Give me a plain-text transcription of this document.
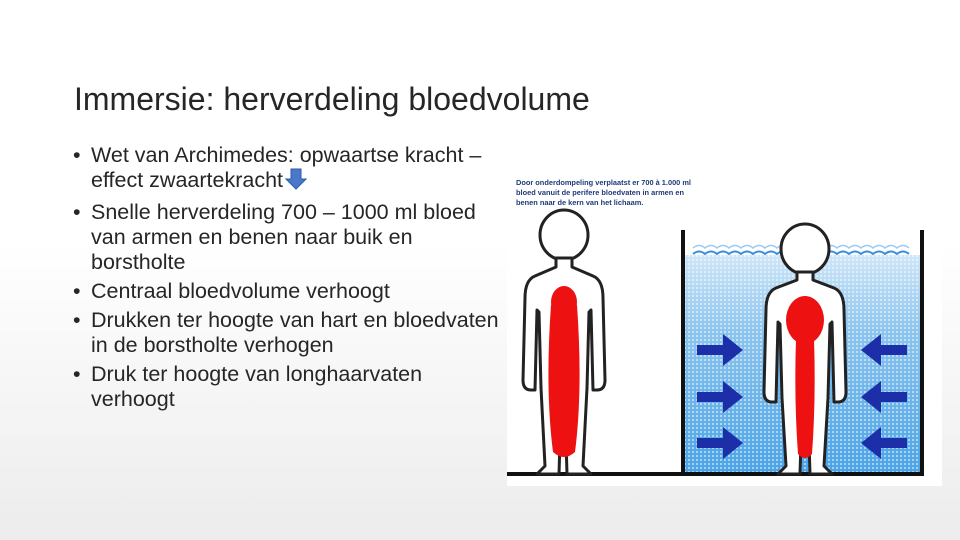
Immersie: herverdeling bloedvolume
• Wet van Archimedes: opwaartse kracht – effect zwaartekracht
• Snelle herverdeling 700 – 1000 ml bloed van armen en benen naar buik en borstholte
• Centraal bloedvolume verhoogt
• Drukken ter hoogte van hart en bloedvaten in de borstholte verhogen
• Druk ter hoogte van longhaarvaten verhoogt
Door onderdompeling verplaatst er 700 à 1.000 ml bloed vanuit de perifere bloedvaten in armen en benen naar de kern van het lichaam.
